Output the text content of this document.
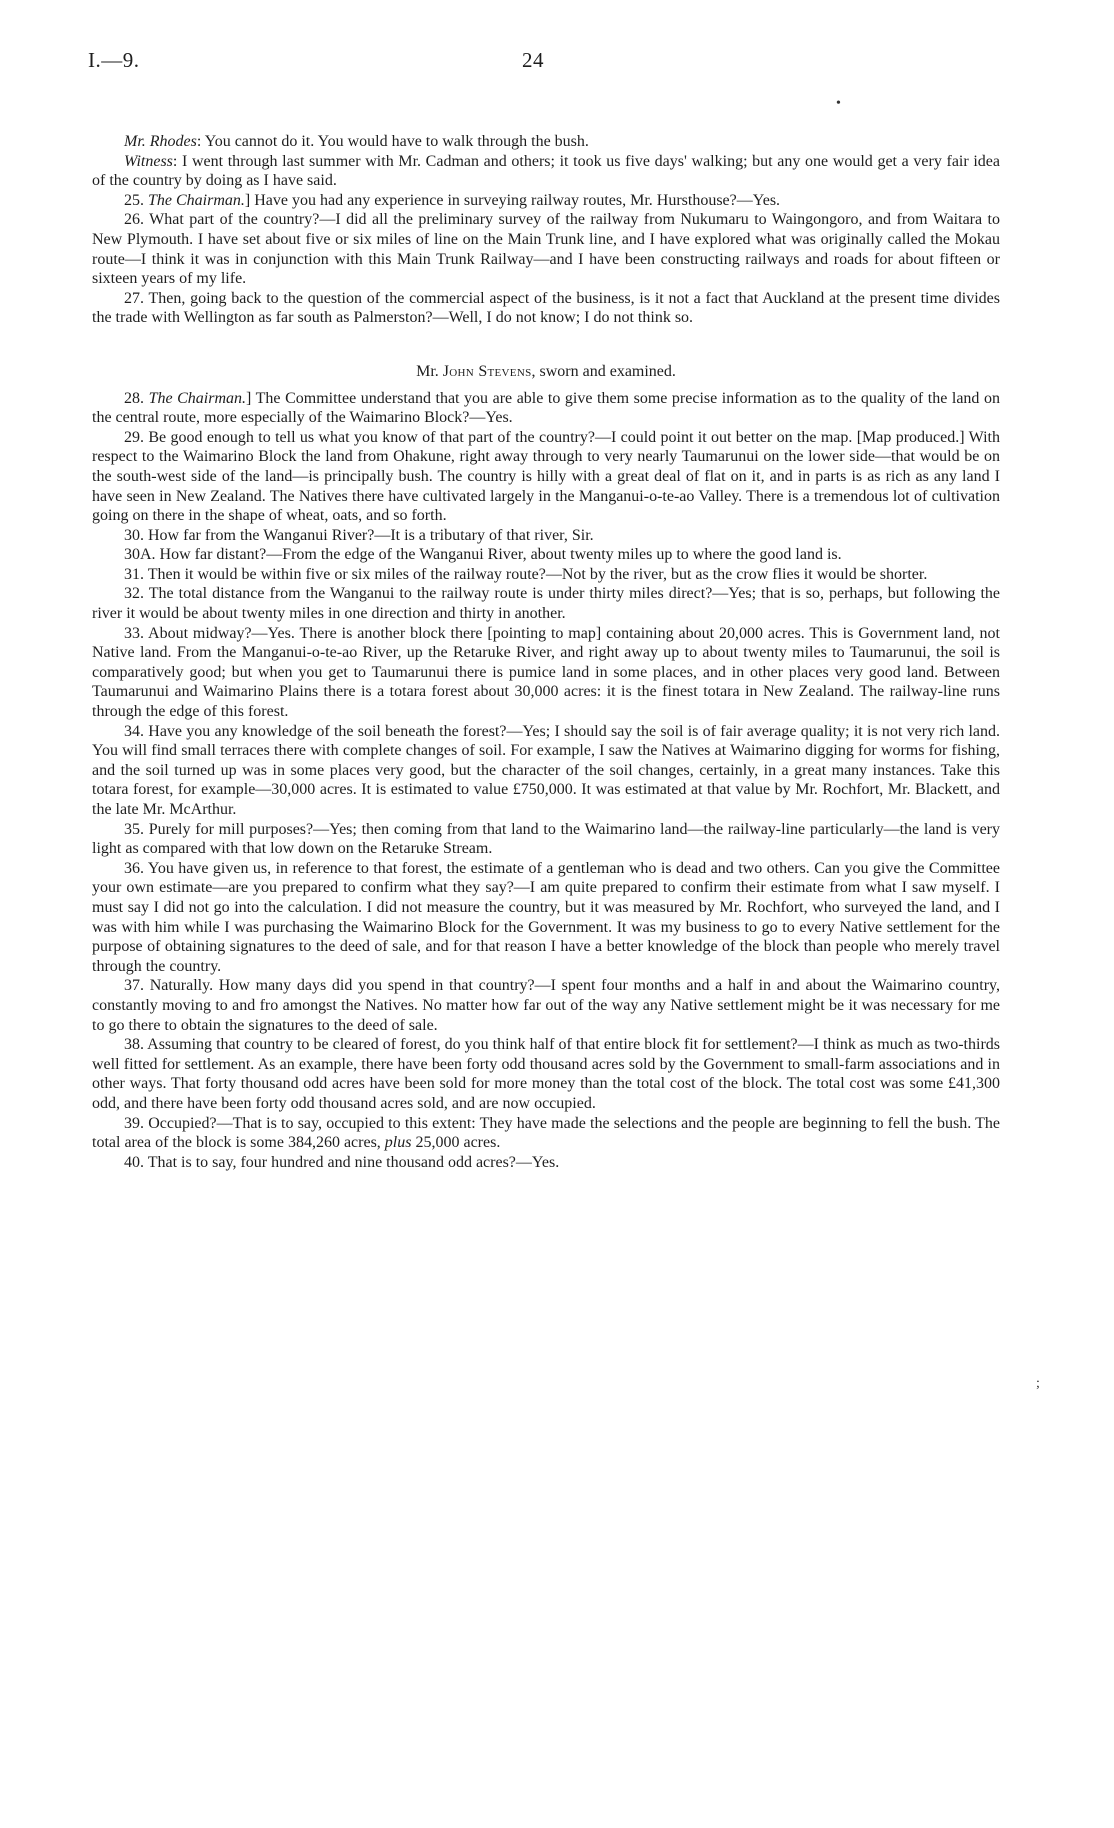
I.—9.	24
•
;

Mr. Rhodes: You cannot do it. You would have to walk through the bush.

Witness: I went through last summer with Mr. Cadman and others; it took us five days' walking; but any one would get a very fair idea of the country by doing as I have said.

25. The Chairman.] Have you had any experience in surveying railway routes, Mr. Hursthouse?—Yes.

26. What part of the country?—I did all the preliminary survey of the railway from Nukumaru to Waingongoro, and from Waitara to New Plymouth. I have set about five or six miles of line on the Main Trunk line, and I have explored what was originally called the Mokau route—I think it was in conjunction with this Main Trunk Railway—and I have been constructing railways and roads for about fifteen or sixteen years of my life.

27. Then, going back to the question of the commercial aspect of the business, is it not a fact that Auckland at the present time divides the trade with Wellington as far south as Palmerston?—Well, I do not know; I do not think so.

Mr. John Stevens, sworn and examined.

28. The Chairman.] The Committee understand that you are able to give them some precise information as to the quality of the land on the central route, more especially of the Waimarino Block?—Yes.

29. Be good enough to tell us what you know of that part of the country?—I could point it out better on the map. [Map produced.] With respect to the Waimarino Block the land from Ohakune, right away through to very nearly Taumarunui on the lower side—that would be on the south-west side of the land—is principally bush. The country is hilly with a great deal of flat on it, and in parts is as rich as any land I have seen in New Zealand. The Natives there have cultivated largely in the Manganui-o-te-ao Valley. There is a tremendous lot of cultivation going on there in the shape of wheat, oats, and so forth.

30. How far from the Wanganui River?—It is a tributary of that river, Sir.

30A. How far distant?—From the edge of the Wanganui River, about twenty miles up to where the good land is.

31. Then it would be within five or six miles of the railway route?—Not by the river, but as the crow flies it would be shorter.

32. The total distance from the Wanganui to the railway route is under thirty miles direct?—Yes; that is so, perhaps, but following the river it would be about twenty miles in one direction and thirty in another.

33. About midway?—Yes. There is another block there [pointing to map] containing about 20,000 acres. This is Government land, not Native land. From the Manganui-o-te-ao River, up the Retaruke River, and right away up to about twenty miles to Taumarunui, the soil is comparatively good; but when you get to Taumarunui there is pumice land in some places, and in other places very good land. Between Taumarunui and Waimarino Plains there is a totara forest about 30,000 acres: it is the finest totara in New Zealand. The railway-line runs through the edge of this forest.

34. Have you any knowledge of the soil beneath the forest?—Yes; I should say the soil is of fair average quality; it is not very rich land. You will find small terraces there with complete changes of soil. For example, I saw the Natives at Waimarino digging for worms for fishing, and the soil turned up was in some places very good, but the character of the soil changes, certainly, in a great many instances. Take this totara forest, for example—30,000 acres. It is estimated to value £750,000. It was estimated at that value by Mr. Rochfort, Mr. Blackett, and the late Mr. McArthur.

35. Purely for mill purposes?—Yes; then coming from that land to the Waimarino land—the railway-line particularly—the land is very light as compared with that low down on the Retaruke Stream.

36. You have given us, in reference to that forest, the estimate of a gentleman who is dead and two others. Can you give the Committee your own estimate—are you prepared to confirm what they say?—I am quite prepared to confirm their estimate from what I saw myself. I must say I did not go into the calculation. I did not measure the country, but it was measured by Mr. Rochfort, who surveyed the land, and I was with him while I was purchasing the Waimarino Block for the Government. It was my business to go to every Native settlement for the purpose of obtaining signatures to the deed of sale, and for that reason I have a better knowledge of the block than people who merely travel through the country.

37. Naturally. How many days did you spend in that country?—I spent four months and a half in and about the Waimarino country, constantly moving to and fro amongst the Natives. No matter how far out of the way any Native settlement might be it was necessary for me to go there to obtain the signatures to the deed of sale.

38. Assuming that country to be cleared of forest, do you think half of that entire block fit for settlement?—I think as much as two-thirds well fitted for settlement. As an example, there have been forty odd thousand acres sold by the Government to small-farm associations and in other ways. That forty thousand odd acres have been sold for more money than the total cost of the block. The total cost was some £41,300 odd, and there have been forty odd thousand acres sold, and are now occupied.

39. Occupied?—That is to say, occupied to this extent: They have made the selections and the people are beginning to fell the bush. The total area of the block is some 384,260 acres, plus 25,000 acres.

40. That is to say, four hundred and nine thousand odd acres?—Yes.
